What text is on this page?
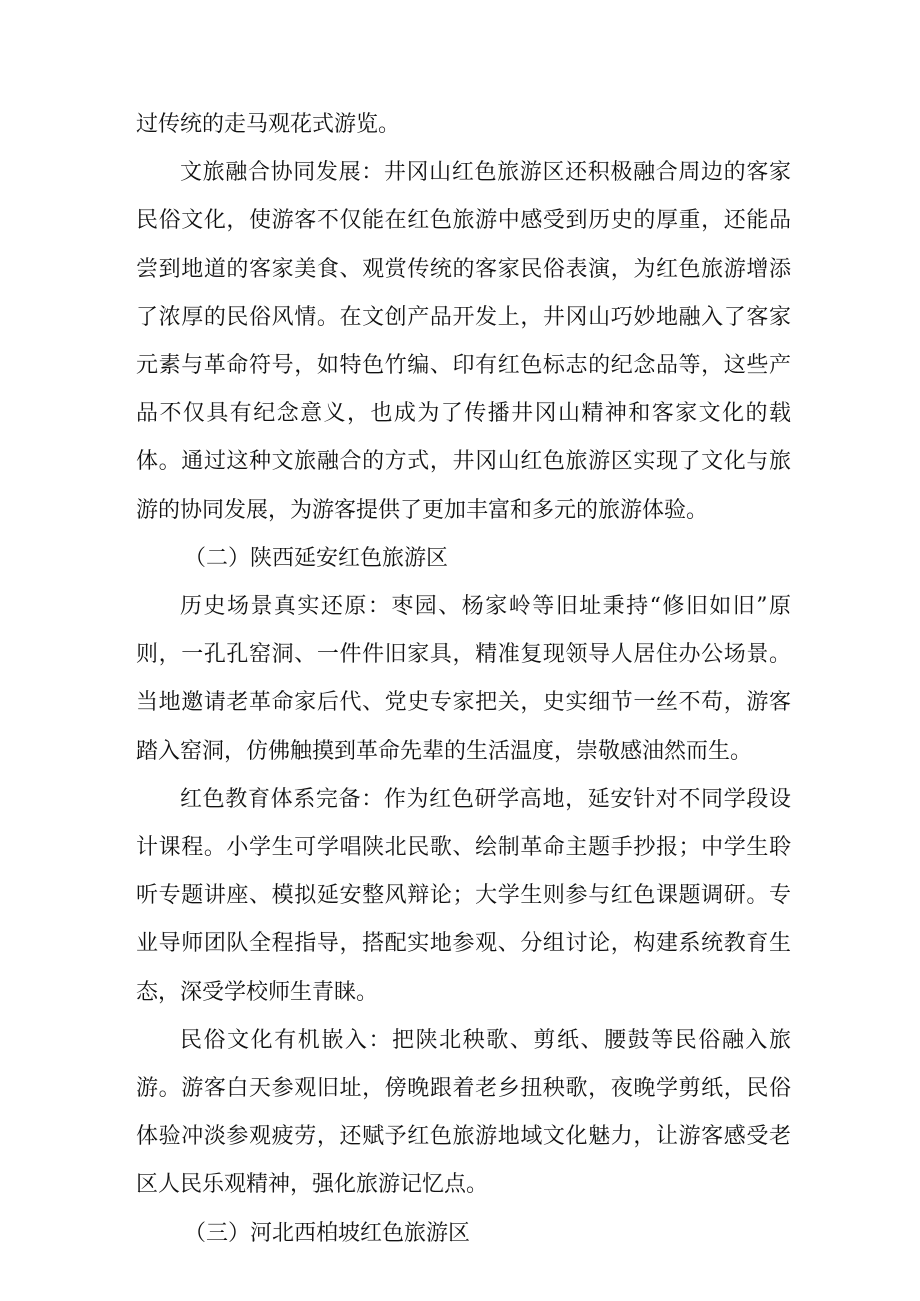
过传统的走马观花式游览。

文旅融合协同发展：井冈山红色旅游区还积极融合周边的客家民俗文化，使游客不仅能在红色旅游中感受到历史的厚重，还能品尝到地道的客家美食、观赏传统的客家民俗表演，为红色旅游增添了浓厚的民俗风情。在文创产品开发上，井冈山巧妙地融入了客家元素与革命符号，如特色竹编、印有红色标志的纪念品等，这些产品不仅具有纪念意义，也成为了传播井冈山精神和客家文化的载体。通过这种文旅融合的方式，井冈山红色旅游区实现了文化与旅游的协同发展，为游客提供了更加丰富和多元的旅游体验。

（二）陕西延安红色旅游区

历史场景真实还原：枣园、杨家岭等旧址秉持“修旧如旧”原则，一孔孔窑洞、一件件旧家具，精准复现领导人居住办公场景。当地邀请老革命家后代、党史专家把关，史实细节一丝不苟，游客踏入窑洞，仿佛触摸到革命先辈的生活温度，崇敬感油然而生。

红色教育体系完备：作为红色研学高地，延安针对不同学段设计课程。小学生可学唱陕北民歌、绘制革命主题手抄报；中学生聆听专题讲座、模拟延安整风辩论；大学生则参与红色课题调研。专业导师团队全程指导，搭配实地参观、分组讨论，构建系统教育生态，深受学校师生青睐。

民俗文化有机嵌入：把陕北秧歌、剪纸、腰鼓等民俗融入旅游。游客白天参观旧址，傍晚跟着老乡扭秧歌，夜晚学剪纸，民俗体验冲淡参观疲劳，还赋予红色旅游地域文化魅力，让游客感受老区人民乐观精神，强化旅游记忆点。

（三）河北西柏坡红色旅游区
